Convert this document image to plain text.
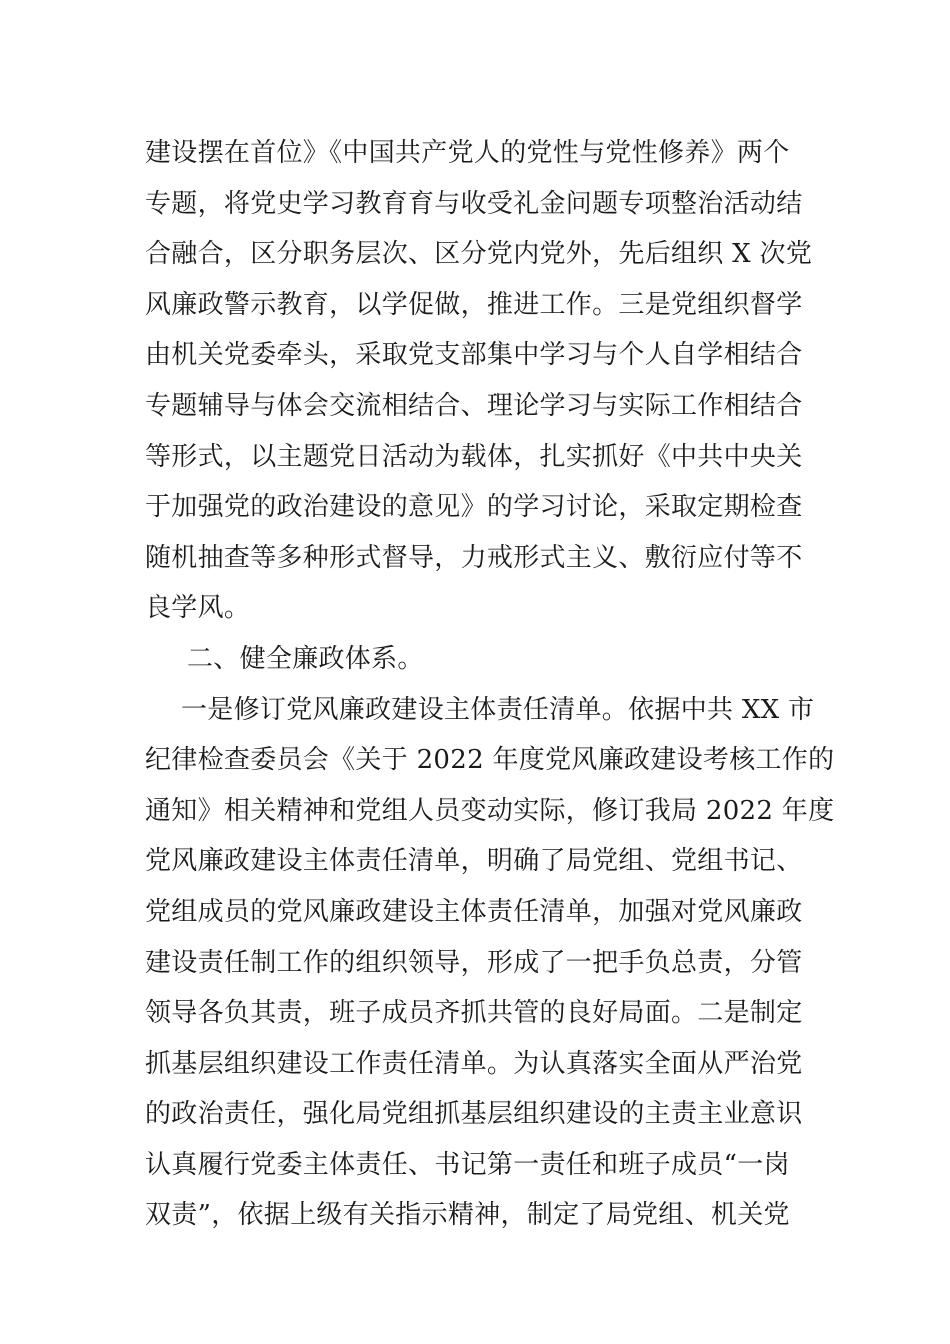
建设摆在首位》《中国共产党人的党性与党性修养》两个
专题，将党史学习教育育与收受礼金问题专项整治活动结
合融合，区分职务层次、区分党内党外，先后组织 X 次党
风廉政警示教育，以学促做，推进工作。三是党组织督学
由机关党委牵头，采取党支部集中学习与个人自学相结合
专题辅导与体会交流相结合、理论学习与实际工作相结合
等形式，以主题党日活动为载体，扎实抓好《中共中央关
于加强党的政治建设的意见》的学习讨论，采取定期检查
随机抽查等多种形式督导，力戒形式主义、敷衍应付等不
良学风。
二、健全廉政体系。
一是修订党风廉政建设主体责任清单。依据中共 XX 市
纪律检查委员会《关于 2022 年度党风廉政建设考核工作的
通知》相关精神和党组人员变动实际，修订我局 2022 年度
党风廉政建设主体责任清单，明确了局党组、党组书记、
党组成员的党风廉政建设主体责任清单，加强对党风廉政
建设责任制工作的组织领导，形成了一把手负总责，分管
领导各负其责，班子成员齐抓共管的良好局面。二是制定
抓基层组织建设工作责任清单。为认真落实全面从严治党
的政治责任，强化局党组抓基层组织建设的主责主业意识
认真履行党委主体责任、书记第一责任和班子成员“一岗
双责”，依据上级有关指示精神，制定了局党组、机关党
